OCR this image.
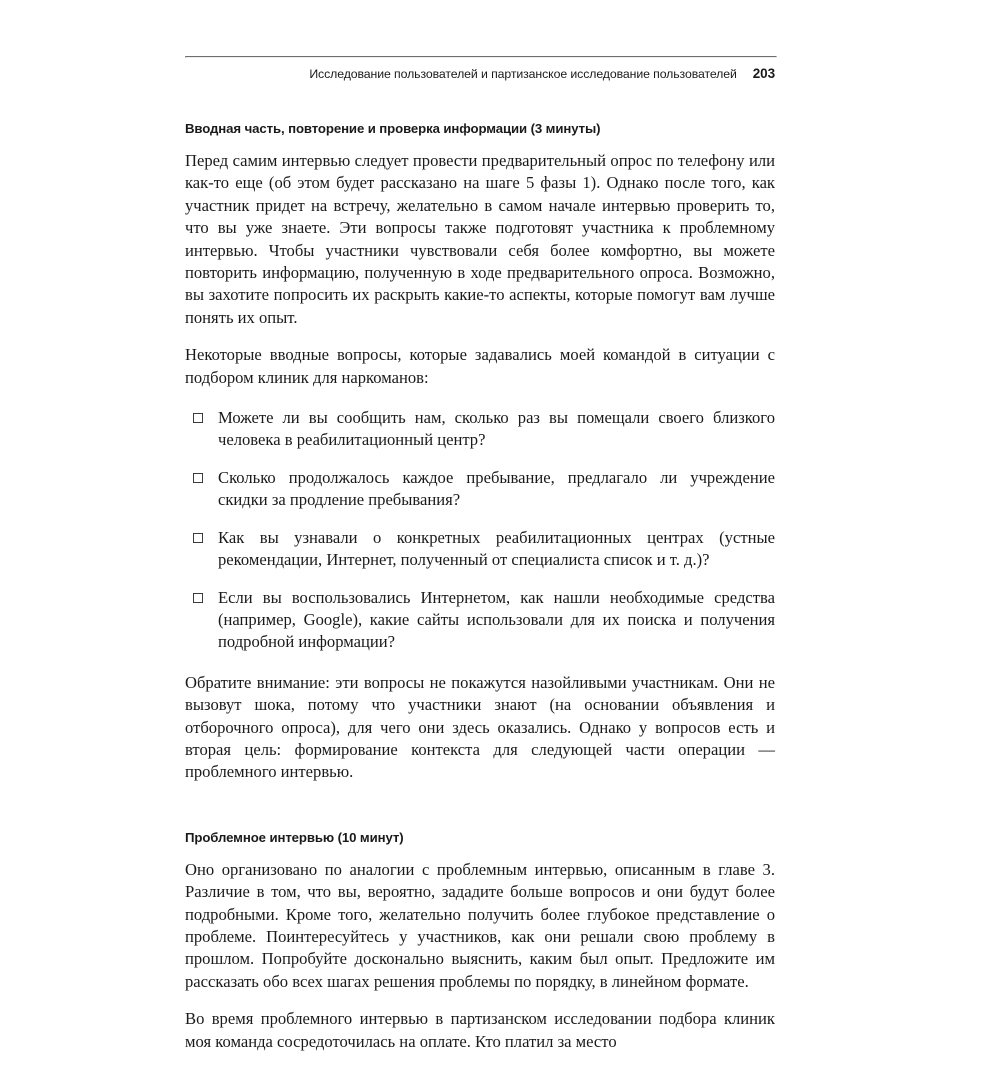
Исследование пользователей и партизанское исследование пользователей	203
Вводная часть, повторение и проверка информации (3 минуты)

Перед самим интервью следует провести предварительный опрос по телефону или как-то еще (об этом будет рассказано на шаге 5 фазы 1). Однако после того, как участник придет на встречу, желательно в самом начале интервью проверить то, что вы уже знаете. Эти вопросы также подготовят участника к проблемному интервью. Чтобы участники чувствовали себя более комфортно, вы можете повторить информацию, полученную в ходе предварительного опроса. Возможно, вы захотите попросить их раскрыть какие-то аспекты, которые помогут вам лучше понять их опыт.

Некоторые вводные вопросы, которые задавались моей командой в ситуации с подбором клиник для наркоманов:

Можете ли вы сообщить нам, сколько раз вы помещали своего близкого человека в реабилитационный центр?
Сколько продолжалось каждое пребывание, предлагало ли учреждение скидки за продление пребывания?
Как вы узнавали о конкретных реабилитационных центрах (устные рекомендации, Интернет, полученный от специалиста список и т. д.)?
Если вы воспользовались Интернетом, как нашли необходимые средства (например, Google), какие сайты использовали для их поиска и получения подробной информации?

Обратите внимание: эти вопросы не покажутся назойливыми участникам. Они не вызовут шока, потому что участники знают (на основании объявления и отборочного опроса), для чего они здесь оказались. Однако у вопросов есть и вторая цель: формирование контекста для следующей части операции — проблемного интервью.

Проблемное интервью (10 минут)

Оно организовано по аналогии с проблемным интервью, описанным в главе 3. Различие в том, что вы, вероятно, зададите больше вопросов и они будут более подробными. Кроме того, желательно получить более глубокое представление о проблеме. Поинтересуйтесь у участников, как они решали свою проблему в прошлом. Попробуйте досконально выяснить, каким был опыт. Предложите им рассказать обо всех шагах решения проблемы по порядку, в линейном формате.

Во время проблемного интервью в партизанском исследовании подбора клиник моя команда сосредоточилась на оплате. Кто платил за место
